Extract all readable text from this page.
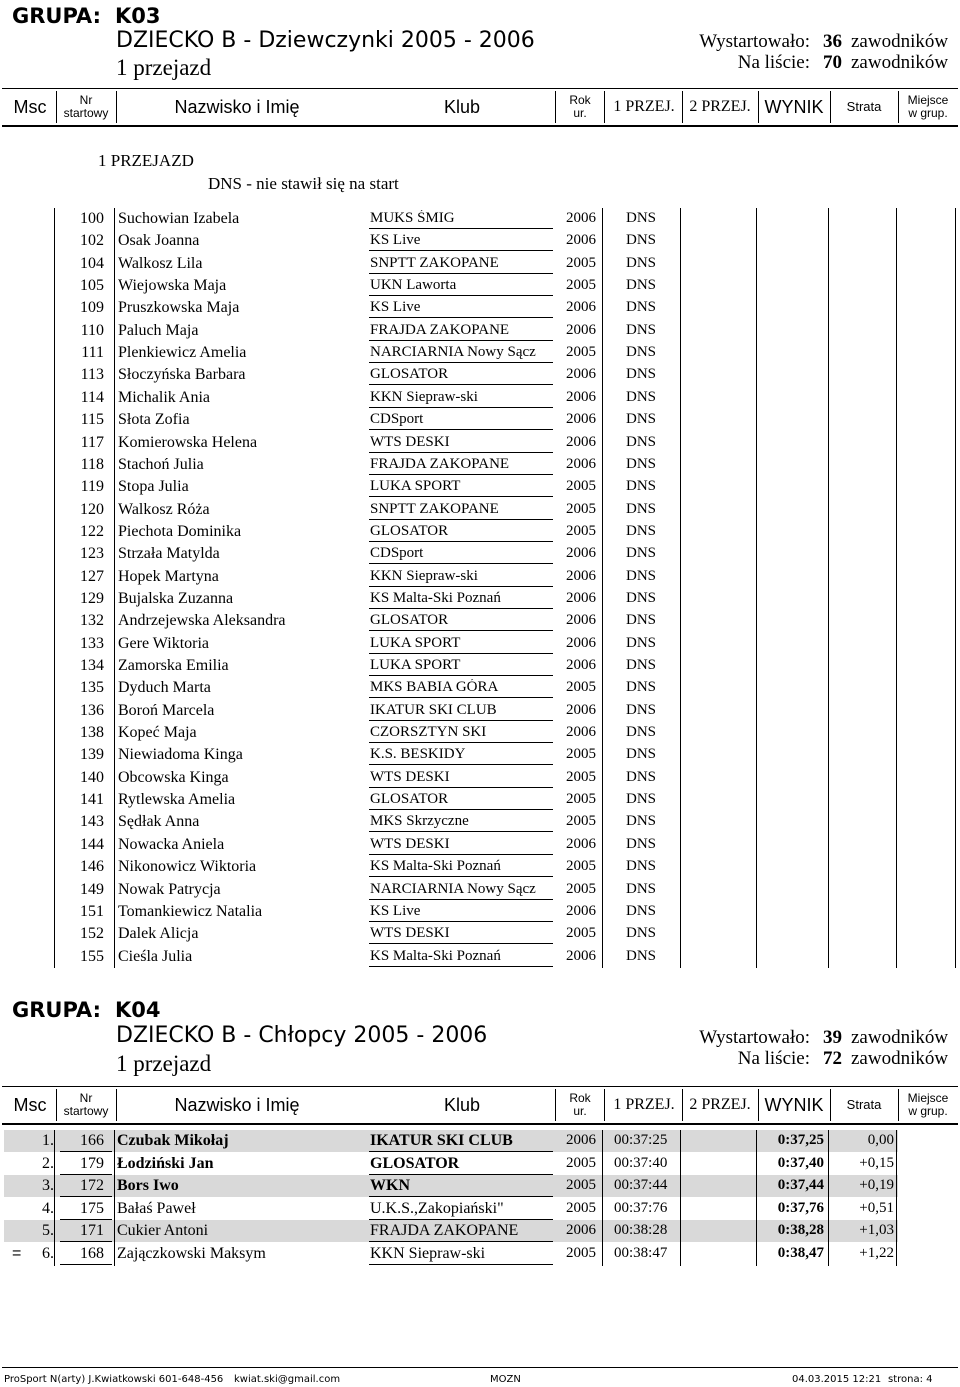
GRUPA: K03
DZIECKO B - Dziewczynki 2005 - 2006
1 przejazd
Wystartowało: 36 zawodników
Na liście: 70 zawodników
Msc	Nr
startowy	Nazwisko i Imię	Klub	Rok
ur.	1 PRZEJ. 2 PRZEJ. WYNIK	Strata	Miejsce
w grup.
1 PRZEJAZD
DNS - nie stawił się na start
100 Suchowian Izabela	MUKS ŚMIG	2006 DNS
102 Osak Joanna	KS Live	2006 DNS
104 Walkosz Lila	SNPTT ZAKOPANE	2005 DNS
105 Wiejowska Maja	UKN Laworta	2005 DNS
109 Pruszkowska Maja	KS Live	2006 DNS
110 Paluch Maja	FRAJDA ZAKOPANE	2006 DNS
111 Plenkiewicz Amelia	NARCIARNIA Nowy Sącz	2005 DNS
113 Słoczyńska Barbara	GLOSATOR	2006 DNS
114 Michalik Ania	KKN Siepraw-ski	2006 DNS
115 Słota Zofia	CDSport	2006 DNS
117 Komierowska Helena	WTS DESKI	2006 DNS
118 Stachoń Julia	FRAJDA ZAKOPANE	2006 DNS
119 Stopa Julia	LUKA SPORT	2005 DNS
120 Walkosz Róża	SNPTT ZAKOPANE	2005 DNS
122 Piechota Dominika	GLOSATOR	2005 DNS
123 Strzała Matylda	CDSport	2006 DNS
127 Hopek Martyna	KKN Siepraw-ski	2006 DNS
129 Bujalska Zuzanna	KS Malta-Ski Poznań	2006 DNS
132 Andrzejewska Aleksandra	GLOSATOR	2006 DNS
133 Gere Wiktoria	LUKA SPORT	2006 DNS
134 Zamorska Emilia	LUKA SPORT	2006 DNS
135 Dyduch Marta	MKS BABIA GÓRA	2005 DNS
136 Boroń Marcela	IKATUR SKI CLUB	2006 DNS
138 Kopeć Maja	CZORSZTYN SKI	2006 DNS
139 Niewiadoma Kinga	K.S. BESKIDY	2005 DNS
140 Obcowska Kinga	WTS DESKI	2005 DNS
141 Rytlewska Amelia	GLOSATOR	2005 DNS
143 Sędłak Anna	MKS Skrzyczne	2005 DNS
144 Nowacka Aniela	WTS DESKI	2006 DNS
146 Nikonowicz Wiktoria	KS Malta-Ski Poznań	2005 DNS
149 Nowak Patrycja	NARCIARNIA Nowy Sącz	2005 DNS
151 Tomankiewicz Natalia	KS Live	2006 DNS
152 Dalek Alicja	WTS DESKI	2005 DNS
155 Cieśla Julia	KS Malta-Ski Poznań	2006 DNS
GRUPA: K04
DZIECKO B - Chłopcy 2005 - 2006
1 przejazd
Wystartowało: 39 zawodników
Na liście: 72 zawodników
Msc	Nr
startowy	Nazwisko i Imię	Klub	Rok
ur.	1 PRZEJ. 2 PRZEJ. WYNIK	Strata	Miejsce
w grup.
1. 166 Czubak Mikołaj	IKATUR SKI CLUB	2006 00:37:25	0:37,25	0,00
2. 179 Łodziński Jan	GLOSATOR	2005 00:37:40	0:37,40	+0,15
3. 172 Bors Iwo	WKN	2005 00:37:44	0:37,44	+0,19
4. 175 Bałaś Paweł	U.K.S.,Zakopiański"	2005 00:37:76	0:37,76	+0,51
5. 171 Cukier Antoni	FRAJDA ZAKOPANE	2006 00:38:28	0:38,28	+1,03
=	6. 168 Zajączkowski Maksym	KKN Siepraw-ski	2005 00:38:47	0:38,47	+1,22
ProSport N(arty) J.Kwiatkowski 601-648-456 kwiat.ski@gmail.com	MOZN	04.03.2015 12:21 strona: 4
